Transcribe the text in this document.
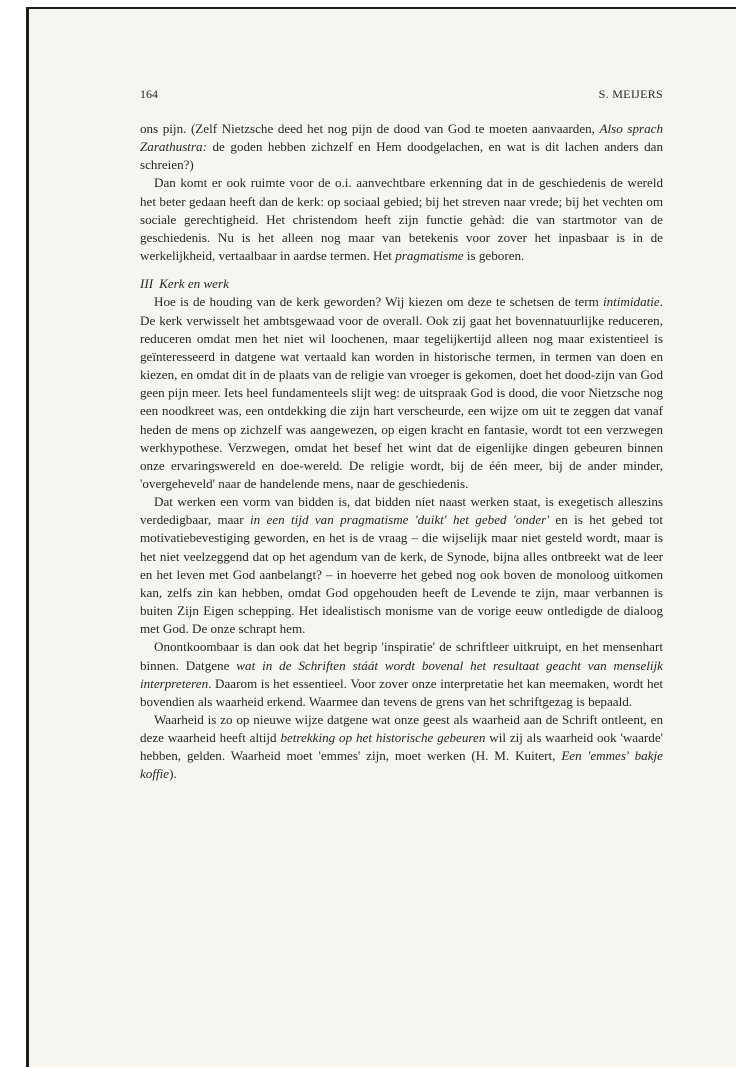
164	S. MEIJERS

ons pijn. (Zelf Nietzsche deed het nog pijn de dood van God te moeten aanvaarden, Also sprach Zarathustra: de goden hebben zichzelf en Hem doodgelachen, en wat is dit lachen anders dan schreien?)

Dan komt er ook ruimte voor de o.i. aanvechtbare erkenning dat in de geschiedenis de wereld het beter gedaan heeft dan de kerk: op sociaal gebied; bij het streven naar vrede; bij het vechten om sociale gerechtigheid. Het christendom heeft zijn functie gehàd: die van startmotor van de geschiedenis. Nu is het alleen nog maar van betekenis voor zover het inpasbaar is in de werkelijkheid, vertaalbaar in aardse termen. Het pragmatisme is geboren.

III Kerk en werk

Hoe is de houding van de kerk geworden? Wij kiezen om deze te schetsen de term intimidatie. De kerk verwisselt het ambtsgewaad voor de overall. Ook zij gaat het bovennatuurlijke reduceren, reduceren omdat men het niet wil loochenen, maar tegelijkertijd alleen nog maar existentieel is geïnteresseerd in datgene wat vertaald kan worden in historische termen, in termen van doen en kiezen, en omdat dit in de plaats van de religie van vroeger is gekomen, doet het dood-zijn van God geen pijn meer. Iets heel fundamenteels slijt weg: de uitspraak God is dood, die voor Nietzsche nog een noodkreet was, een ontdekking die zijn hart verscheurde, een wijze om uit te zeggen dat vanaf heden de mens op zichzelf was aangewezen, op eigen kracht en fantasie, wordt tot een verzwegen werkhypothese. Verzwegen, omdat het besef het wint dat de eigenlijke dingen gebeuren binnen onze ervaringswereld en doe-wereld. De religie wordt, bij de één meer, bij de ander minder, 'overgeheveld' naar de handelende mens, naar de geschiedenis.

Dat werken een vorm van bidden is, dat bidden níet naast werken staat, is exegetisch alleszins verdedigbaar, maar in een tijd van pragmatisme 'duikt' het gebed 'onder' en is het gebed tot motivatiebevestiging geworden, en het is de vraag – die wijselijk maar niet gesteld wordt, maar is het niet veelzeggend dat op het agendum van de kerk, de Synode, bijna alles ontbreekt wat de leer en het leven met God aanbelangt? – in hoeverre het gebed nog ook boven de monoloog uitkomen kan, zelfs zin kan hebben, omdat God opgehouden heeft de Levende te zijn, maar verbannen is buiten Zijn Eigen schepping. Het idealistisch monisme van de vorige eeuw ontledigde de dialoog met God. De onze schrapt hem.

Onontkoombaar is dan ook dat het begrip 'inspiratie' de schriftleer uitkruipt, en het mensenhart binnen. Datgene wat in de Schriften stáát wordt bovenal het resultaat geacht van menselijk interpreteren. Daarom is het essentieel. Voor zover onze interpretatie het kan meemaken, wordt het bovendien als waarheid erkend. Waarmee dan tevens de grens van het schriftgezag is bepaald.

Waarheid is zo op nieuwe wijze datgene wat onze geest als waarheid aan de Schrift ontleent, en deze waarheid heeft altijd betrekking op het historische gebeuren wil zij als waarheid ook 'waarde' hebben, gelden. Waarheid moet 'emmes' zijn, moet werken (H. M. Kuitert, Een 'emmes' bakje koffie).
